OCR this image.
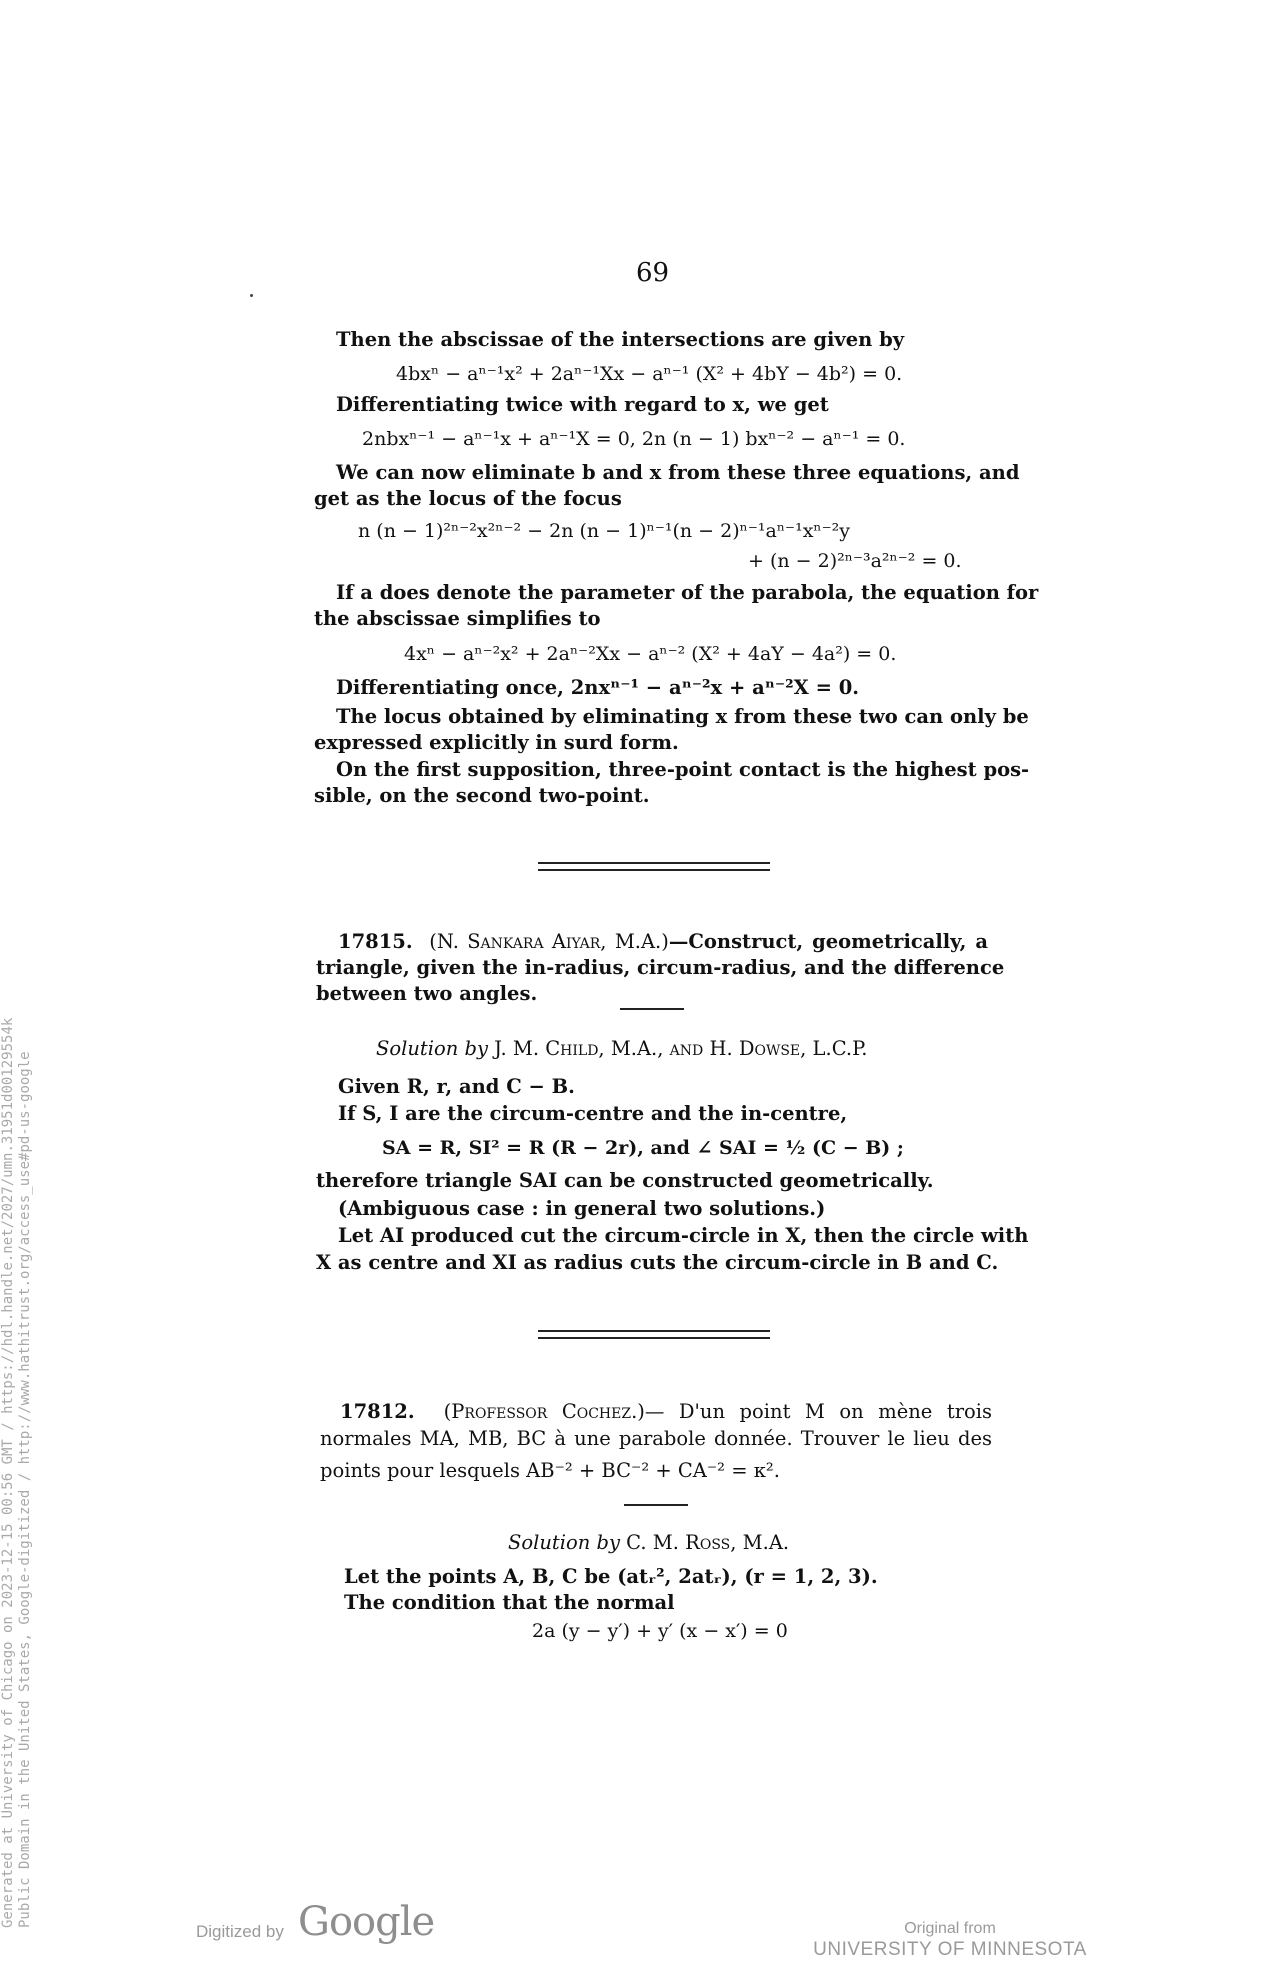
69
Then the abscissae of the intersections are given by
4bxⁿ − aⁿ⁻¹x² + 2aⁿ⁻¹Xx − aⁿ⁻¹ (X² + 4bY − 4b²) = 0.
Differentiating twice with regard to x, we get
2nbxⁿ⁻¹ − aⁿ⁻¹x + aⁿ⁻¹X = 0, 2n (n − 1) bxⁿ⁻² − aⁿ⁻¹ = 0.
We can now eliminate b and x from these three equations, and
get as the locus of the focus
n (n − 1)²ⁿ⁻²x²ⁿ⁻² − 2n (n − 1)ⁿ⁻¹(n − 2)ⁿ⁻¹aⁿ⁻¹xⁿ⁻²y
+ (n − 2)²ⁿ⁻³a²ⁿ⁻² = 0.
If a does denote the parameter of the parabola, the equation for
the abscissae simplifies to
4xⁿ − aⁿ⁻²x² + 2aⁿ⁻²Xx − aⁿ⁻² (X² + 4aY − 4a²) = 0.
Differentiating once, 2nxⁿ⁻¹ − aⁿ⁻²x + aⁿ⁻²X = 0.
The locus obtained by eliminating x from these two can only be
expressed explicitly in surd form.
On the first supposition, three-point contact is the highest pos-
sible, on the second two-point.
17815. (N. Sankara Aiyar, M.A.)—Construct, geometrically, a
triangle, given the in-radius, circum-radius, and the difference
between two angles.
Solution by J. M. Child, M.A., and H. Dowse, L.C.P.
Given R, r, and C − B.
If S, I are the circum-centre and the in-centre,
SA = R, SI² = R (R − 2r), and ∠ SAI = ½ (C − B) ;
therefore triangle SAI can be constructed geometrically.
(Ambiguous case : in general two solutions.)
Let AI produced cut the circum-circle in X, then the circle with
X as centre and XI as radius cuts the circum-circle in B and C.
17812. (Professor Cochez.)— D'un point M on mène trois
normales MA, MB, BC à une parabole donnée. Trouver le lieu des
points pour lesquels AB⁻² + BC⁻² + CA⁻² = κ².
Solution by C. M. Ross, M.A.
Let the points A, B, C be (atᵣ², 2atᵣ), (r = 1, 2, 3).
The condition that the normal
2a (y − y′) + y′ (x − x′) = 0
Generated at University of Chicago on 2023-12-15 00:56 GMT / https://hdl.handle.net/2027/umn.31951d00129554k Public Domain in the United States, Google-digitized / http://www.hathitrust.org/access_use#pd-us-google
Digitized by Google	Original from
UNIVERSITY OF MINNESOTA
